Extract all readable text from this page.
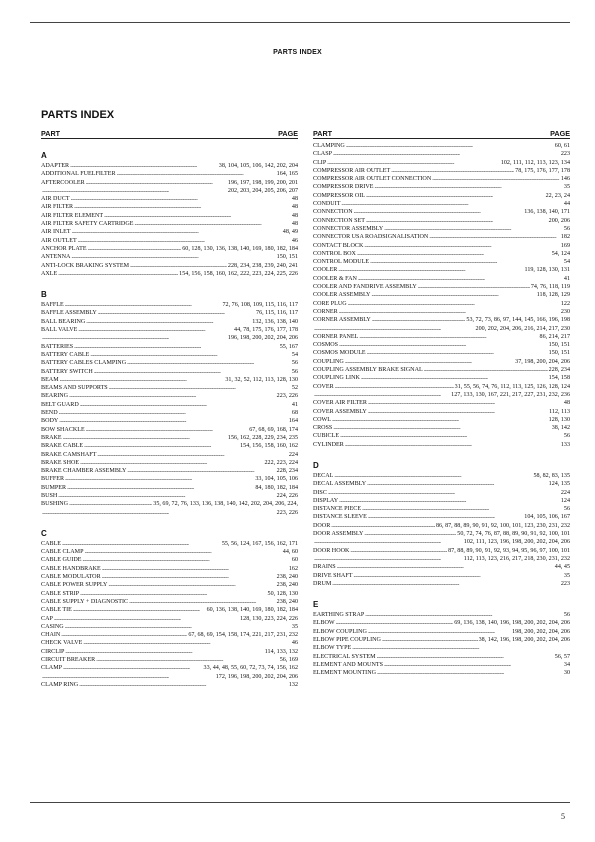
PARTS INDEX
PARTS INDEX
PART	PAGE
A
ADAPTER . . .	38, 104, 105, 106, 142, 202, 204
ADDITIONAL FUELFILTER . . .	164, 165
AFTERCOOLER . . .	196, 197, 198, 199, 200, 201
. . .
202, 203, 204, 205, 206, 207
AIR DUCT . . .	48
AIR FILTER . . .	48
AIR FILTER ELEMENT . . .	48
AIR FILTER SAFETY CARTRIDGE . . .	48
AIR INLET . . .	48, 49
AIR OUTLET . . .	46
ANCHOR PLATE . . .	60, 128, 130, 136, 138, 140, 169, 180, 182, 184
ANTENNA . . .	150, 151
ANTI-LOCK BRAKING SYSTEM . . .	228, 234, 238, 239, 240, 241
AXLE . . .	154, 156, 158, 160, 162, 222, 223, 224, 225, 226
B
BAFFLE . . .	72, 76, 108, 109, 115, 116, 117
BAFFLE ASSEMBLY . . .	76, 115, 116, 117
BALL BEARING . . .	132, 136, 138, 140
BALL VALVE . . .	44, 78, 175, 176, 177, 178
. . .
196, 198, 200, 202, 204, 206
BATTERIES . . .	55, 167
BATTERY CABLE . . .	54
BATTERY CABLES CLAMPING . . .	56
BATTERY SWITCH . . .	56
BEAM . . .	31, 32, 52, 112, 113, 128, 130
BEAMS AND SUPPORTS . . .	52
BEARING . . .	223, 226
BELT GUARD . . .	41
BEND . . .	68
BODY . . .	164
BOW SHACKLE . . .	67, 68, 69, 168, 174
BRAKE . . .	156, 162, 228, 229, 234, 235
BRAKE CABLE . . .	154, 156, 158, 160, 162
BRAKE CAMSHAFT . . .	224
BRAKE SHOE . . .	222, 223, 224
BRAKE CHAMBER ASSEMBLY . . .	228, 234
BUFFER . . .	33, 104, 105, 106
BUMPER . . .	84, 180, 182, 184
BUSH . . .	224, 226
BUSHING . . .	35, 69, 72, 76, 133, 136, 138, 140, 142, 202, 204, 206, 224,
. . .
223, 226
C
CABLE . . .	55, 56, 124, 167, 156, 162, 171
CABLE CLAMP . . .	44, 60
CABLE GUIDE . . .	60
CABLE HANDBRAKE . . .	162
CABLE MODULATOR . . .	238, 240
CABLE POWER SUPPLY . . .	238, 240
CABLE STRIP . . .	50, 128, 130
CABLE SUPPLY + DIAGNOSTIC . . .	238, 240
CABLE TIE . . .	60, 136, 138, 140, 169, 180, 182, 184
CAP . . .	128, 130, 223, 224, 226
CASING . . .	35
CHAIN . . .	67, 68, 69, 154, 158, 174, 221, 217, 231, 232
CHECK VALVE . . .	46
CIRCLIP . . .	114, 133, 132
CIRCUIT BREAKER . . .	56, 169
CLAMP . . .	33, 44, 48, 55, 60, 72, 73, 74, 156, 162
. . .
172, 196, 198, 200, 202, 204, 206
CLAMP RING . . .	132
PART	PAGE
CLAMPING . . .	60, 61
CLASP . . .	223
CLIP . . .	102, 111, 112, 113, 123, 134
COMPRESSOR AIR OUTLET . . .	78, 175, 176, 177, 178
COMPRESSOR AIR OUTLET CONNECTION . . .	146
COMPRESSOR DRIVE . . .	35
COMPRESSOR OIL . . .	22, 23, 24
CONDUIT . . .	44
CONNECTION . . .	136, 138, 140, 171
CONNECTION SET . . .	200, 206
CONNECTOR ASSEMBLY . . .	56
CONNECTOR USA ROADSIGNALISATION . . .	182
CONTACT BLOCK . . .	169
CONTROL BOX . . .	54, 124
CONTROL MODULE . . .	54
COOLER . . .	119, 128, 130, 131
COOLER & FAN . . .	41
COOLER AND FANDRIVE ASSEMBLY . . .	74, 76, 118, 119
COOLER ASSEMBLY . . .	118, 128, 129
CORE PLUG . . .	122
CORNER . . .	230
CORNER ASSEMBLY . . .	53, 72, 73, 86, 97, 144, 145, 166, 196, 198
. . .
200, 202, 204, 206, 216, 214, 217, 230
CORNER PANEL . . .	86, 214, 217
COSMOS . . .	150, 151
COSMOS MODULE . . .	150, 151
COUPLING . . .	37, 198, 200, 204, 206
COUPLING ASSEMBLY BRAKE SIGNAL . . .	228, 234
COUPLING LINK . . .	154, 158
COVER . . .	31, 55, 56, 74, 76, 112, 113, 125, 126, 128, 124
. . .
127, 133, 130, 167, 221, 217, 227, 231, 232, 236
COVER AIR FILTER . . .	48
COVER ASSEMBLY . . .	112, 113
COWL . . .	128, 130
CROSS . . .	38, 142
CUBICLE . . .	56
CYLINDER . . .	133
D
DECAL . . .	58, 82, 83, 135
DECAL ASSEMBLY . . .	124, 135
DISC . . .	224
DISPLAY . . .	124
DISTANCE PIECE . . .	56
DISTANCE SLEEVE . . .	104, 105, 106, 167
DOOR . . .	86, 87, 88, 89, 90, 91, 92, 100, 101, 123, 230, 231, 232
DOOR ASSEMBLY . . .	50, 72, 74, 76, 87, 88, 89, 90, 91, 92, 100, 101
. . .
102, 111, 123, 196, 198, 200, 202, 204, 206
DOOR HOOK . . .	87, 88, 89, 90, 91, 92, 93, 94, 95, 96, 97, 100, 101
. . .
112, 113, 123, 216, 217, 218, 230, 231, 232
DRAINS . . .	44, 45
DRIVE SHAFT . . .	35
DRUM . . .	223
E
EARTHING STRAP . . .	56
ELBOW . . .	69, 136, 138, 140, 196, 198, 200, 202, 204, 206
ELBOW COUPLING . . .	198, 200, 202, 204, 206
ELBOW PIPE COUPLING . . .	38, 142, 196, 198, 200, 202, 204, 206
ELBOW TYPE
. . .
ELECTRICAL SYSTEM . . .	56, 57
ELEMENT AND MOUNTS . . .	34
ELEMENT MOUNTING . . .	30
5
